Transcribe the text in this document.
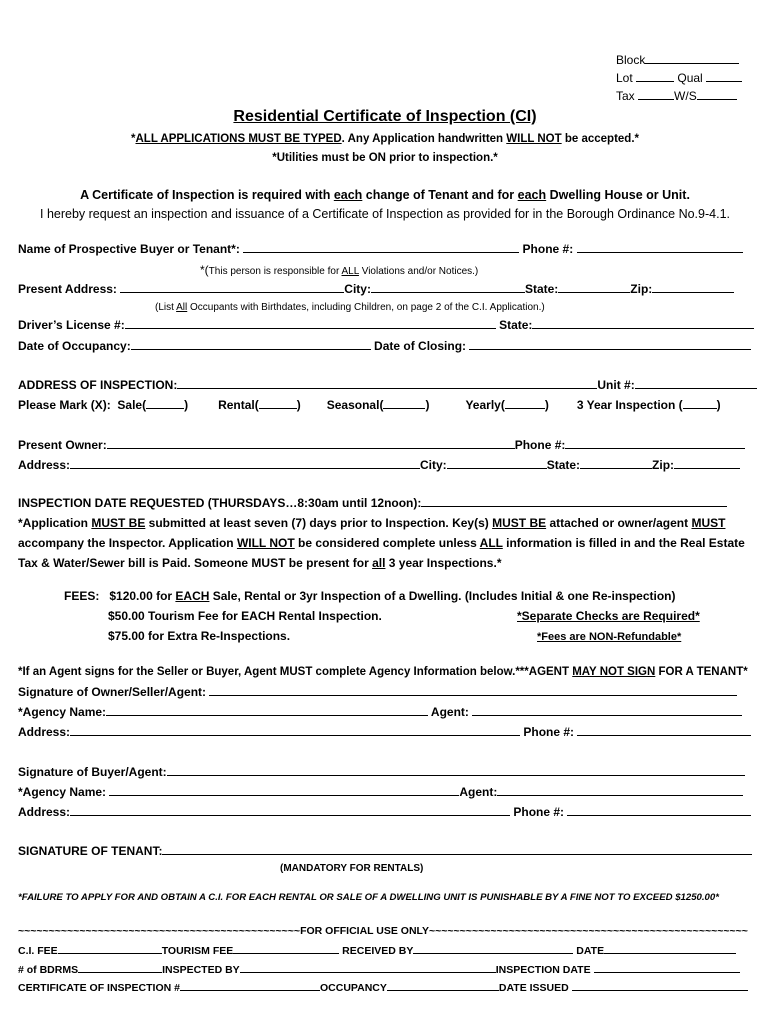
Block
Lot	Qual
Tax	W/S
Residential Certificate of Inspection (CI)
*ALL APPLICATIONS MUST BE TYPED. Any Application handwritten WILL NOT be accepted.*
*Utilities must be ON prior to inspection.*
A Certificate of Inspection is required with each change of Tenant and for each Dwelling House or Unit.
I hereby request an inspection and issuance of a Certificate of Inspection as provided for in the Borough Ordinance No.9-4.1.
Name of Prospective Buyer or Tenant*:	Phone #:
*(This person is responsible for ALL Violations and/or Notices.)
Present Address:	City:	State:	Zip:
(List All Occupants with Birthdates, including Children, on page 2 of the C.I. Application.)
Driver’s License #:	State:
Date of Occupancy:	Date of Closing:
ADDRESS OF INSPECTION:	Unit #:
Please Mark (X): Sale(	)	Rental(	) Seasonal(	)	Yearly(	) 3 Year Inspection (	)
Present Owner:	Phone #:
Address:	City:	State:	Zip:
INSPECTION DATE REQUESTED (THURSDAYS…8:30am until 12noon):
*Application MUST BE submitted at least seven (7) days prior to Inspection. Key(s) MUST BE attached or owner/agent MUST
accompany the Inspector. Application WILL NOT be considered complete unless ALL information is filled in and the Real Estate
Tax & Water/Sewer bill is Paid. Someone MUST be present for all 3 year Inspections.*
FEES: $120.00 for EACH Sale, Rental or 3yr Inspection of a Dwelling. (Includes Initial & one Re-inspection)
$50.00 Tourism Fee for EACH Rental Inspection.	*Separate Checks are Required*
$75.00 for Extra Re-Inspections.	*Fees are NON-Refundable*
*If an Agent signs for the Seller or Buyer, Agent MUST complete Agency Information below.***AGENT MAY NOT SIGN FOR A TENANT*
Signature of Owner/Seller/Agent:
*Agency Name:	Agent:
Address:	Phone #:
Signature of Buyer/Agent:
*Agency Name:	Agent:
Address:	Phone #:
SIGNATURE OF TENANT:
(MANDATORY FOR RENTALS)
*FAILURE TO APPLY FOR AND OBTAIN A C.I. FOR EACH RENTAL OR SALE OF A DWELLING UNIT IS PUNISHABLE BY A FINE NOT TO EXCEED $1250.00*
~~~~~~~~~~~~~~~~~~~~~~~~~~~~~~~~~~~~~~~~~~~~~~FOR OFFICIAL USE ONLY~~~~~~~~~~~~~~~~~~~~~~~~~~~~~~~~~~~~~~~~~~~~~~~~~~~~
C.I. FEE	TOURISM FEE	RECEIVED BY	DATE
# of BDRMS	INSPECTED BY	INSPECTION DATE
CERTIFICATE OF INSPECTION #	OCCUPANCY	DATE ISSUED
